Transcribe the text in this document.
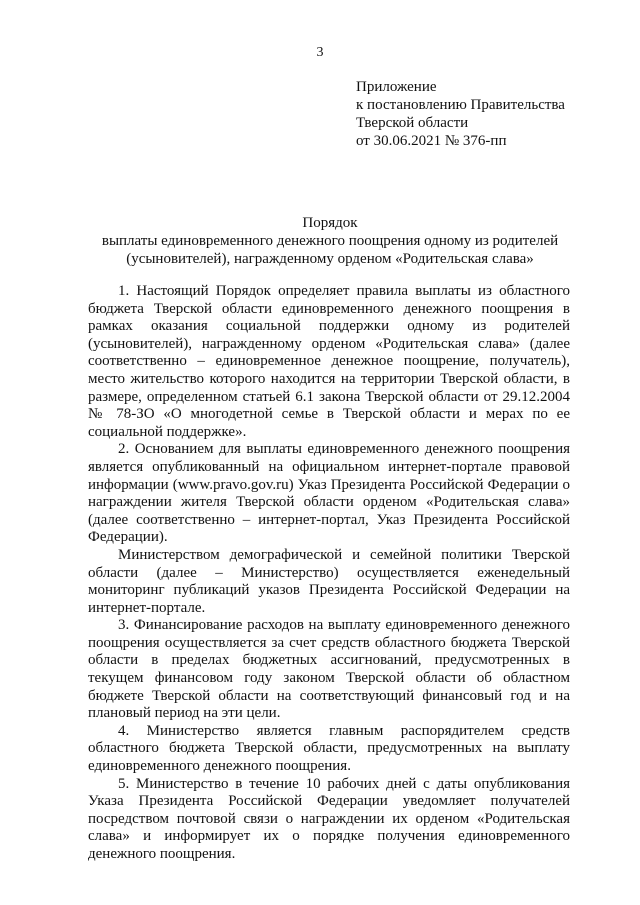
3
Приложение
к постановлению Правительства
Тверской области
от 30.06.2021 № 376-пп
Порядок
выплаты единовременного денежного поощрения одному из родителей
(усыновителей), награжденному орденом «Родительская слава»

1. Настоящий Порядок определяет правила выплаты из областного бюджета Тверской области единовременного денежного поощрения в рамках оказания социальной поддержки одному из родителей (усыновителей), награжденному орденом «Родительская слава» (далее соответственно – единовременное денежное поощрение, получатель), место жительство которого находится на территории Тверской области, в размере, определенном статьей 6.1 закона Тверской области от 29.12.2004 № 78-ЗО «О многодетной семье в Тверской области и мерах по ее социальной поддержке».

2. Основанием для выплаты единовременного денежного поощрения является опубликованный на официальном интернет-портале правовой информации (www.pravo.gov.ru) Указ Президента Российской Федерации о награждении жителя Тверской области орденом «Родительская слава» (далее соответственно – интернет-портал, Указ Президента Российской Федерации).

Министерством демографической и семейной политики Тверской области (далее – Министерство) осуществляется еженедельный мониторинг публикаций указов Президента Российской Федерации на интернет-портале.

3. Финансирование расходов на выплату единовременного денежного поощрения осуществляется за счет средств областного бюджета Тверской области в пределах бюджетных ассигнований, предусмотренных в текущем финансовом году законом Тверской области об областном бюджете Тверской области на соответствующий финансовый год и на плановый период на эти цели.

4. Министерство является главным распорядителем средств областного бюджета Тверской области, предусмотренных на выплату единовременного денежного поощрения.

5. Министерство в течение 10 рабочих дней с даты опубликования Указа Президента Российской Федерации уведомляет получателей посредством почтовой связи о награждении их орденом «Родительская слава» и информирует их о порядке получения единовременного денежного поощрения.
